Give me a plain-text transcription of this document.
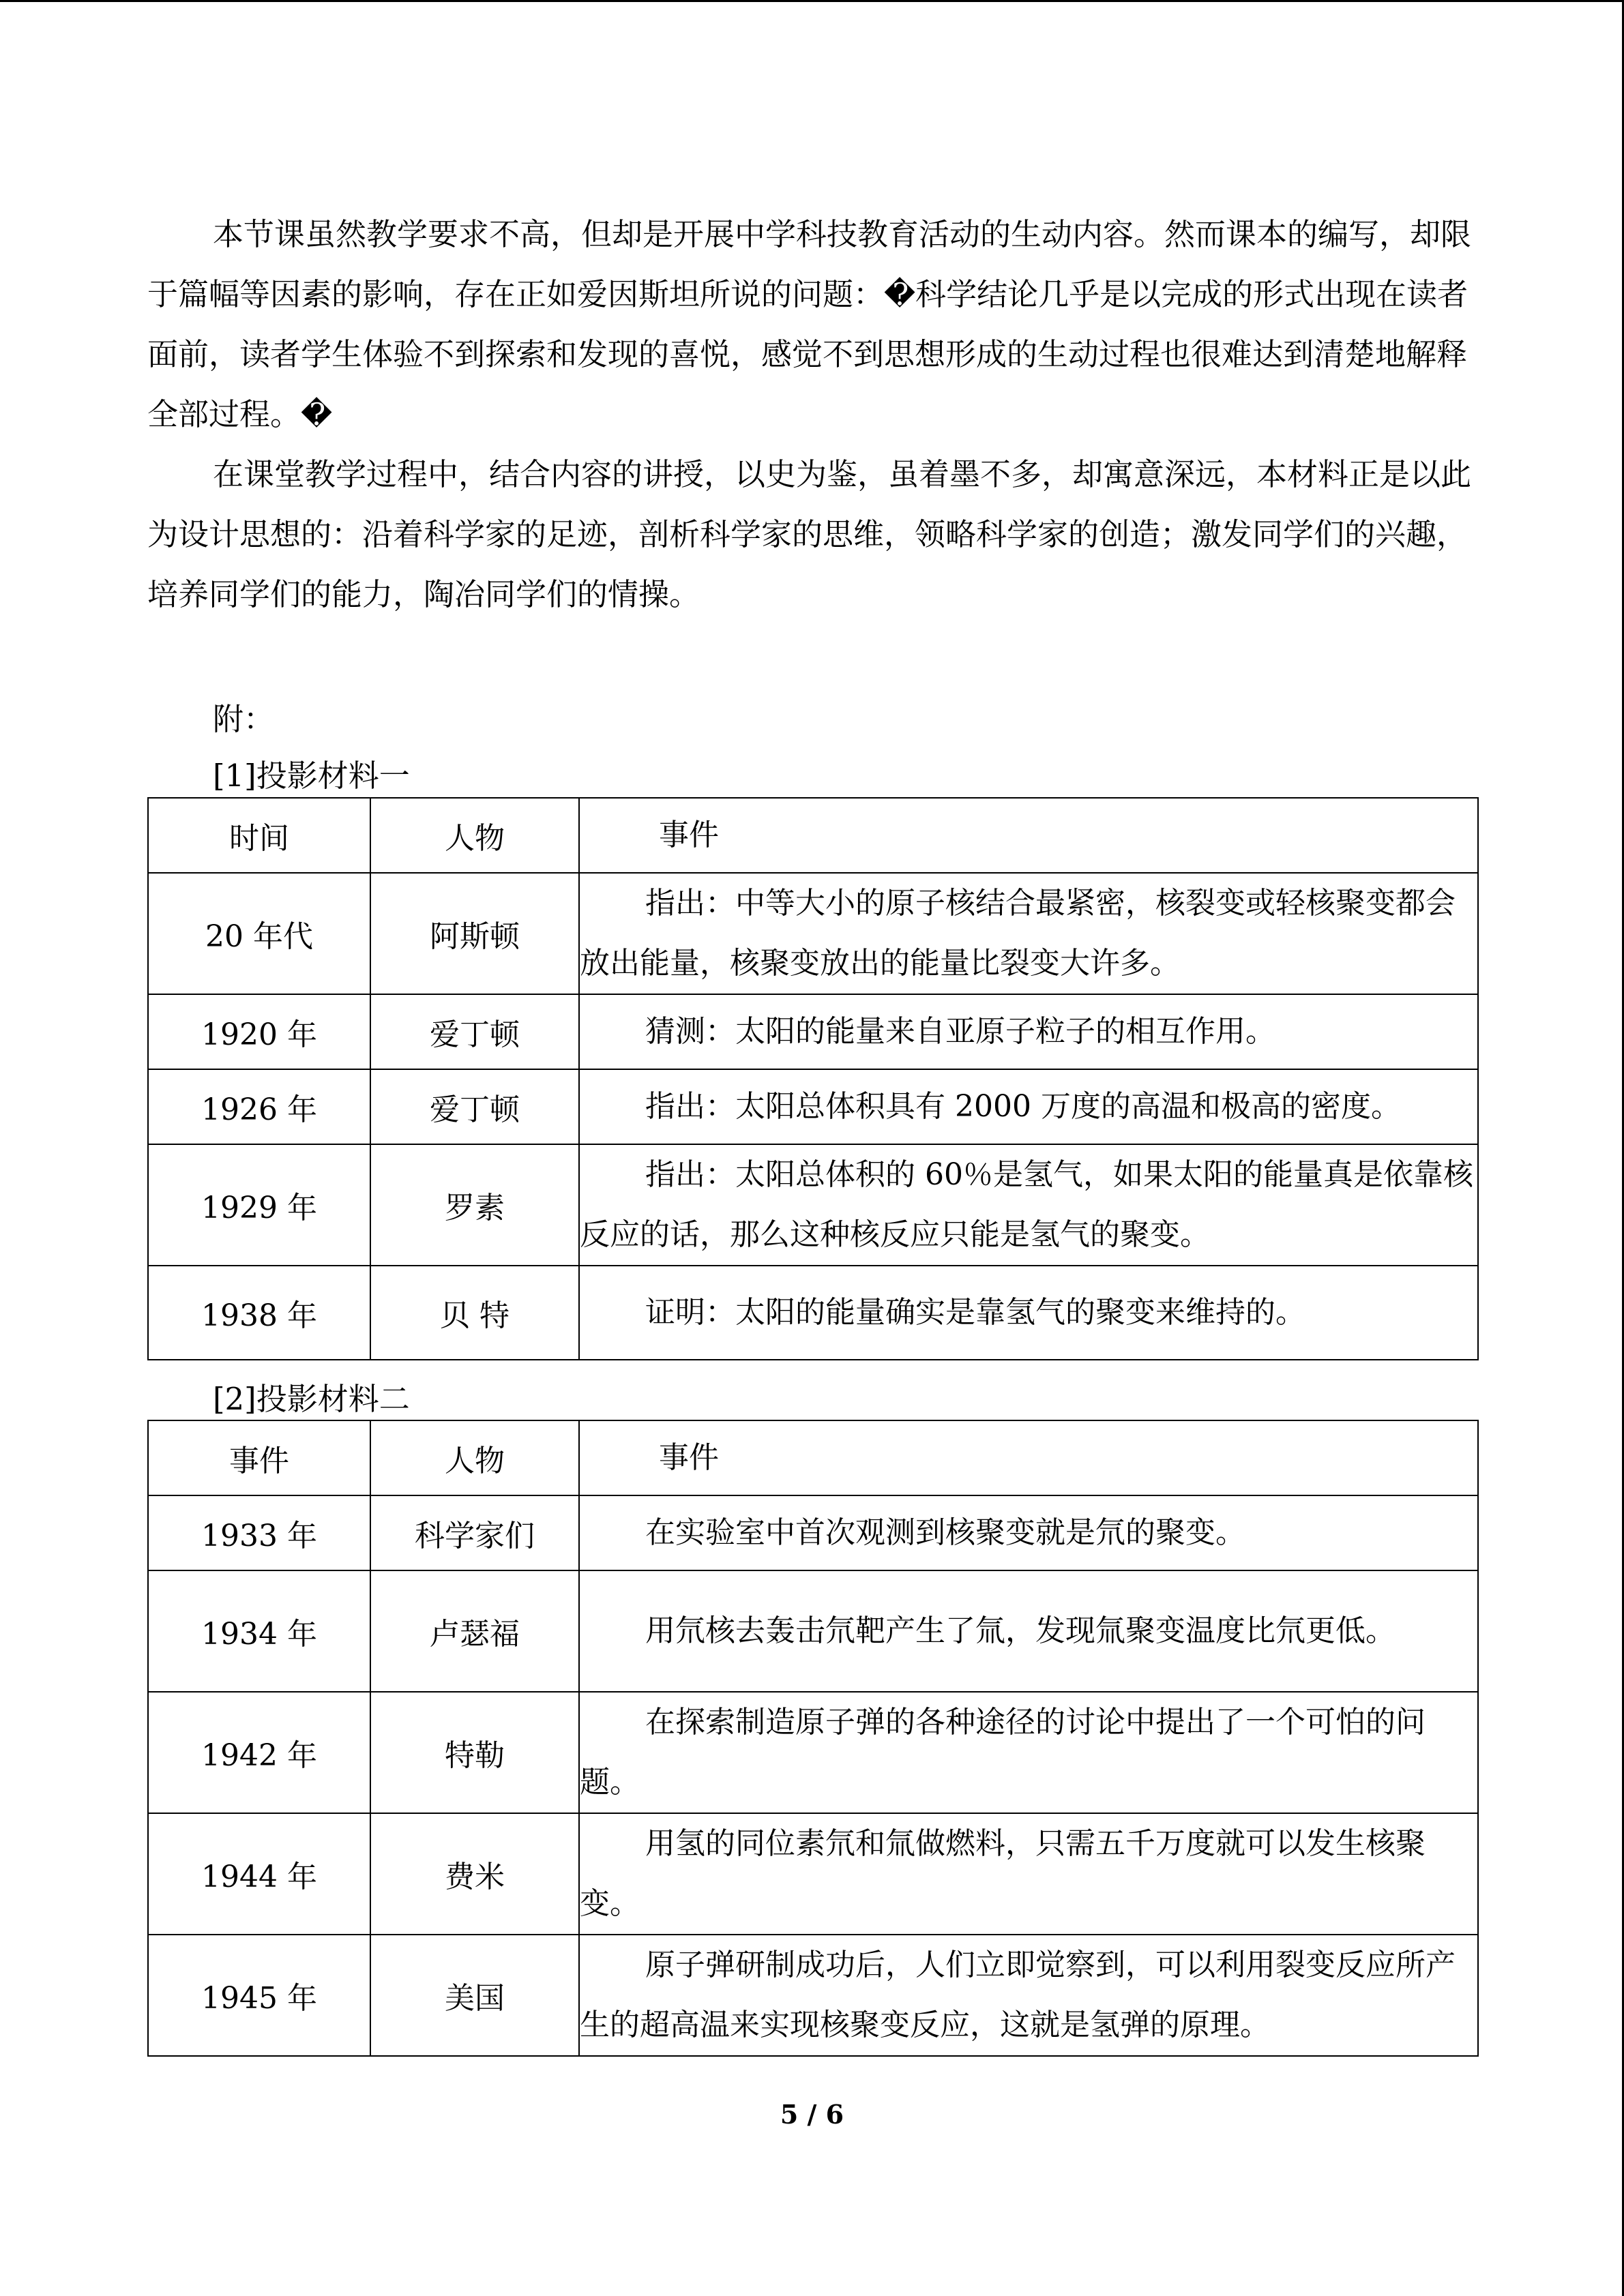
本节课虽然教学要求不高，但却是开展中学科技教育活动的生动内容。然而课本的编写，却限于篇幅等因素的影响，存在正如爱因斯坦所说的问题：�科学结论几乎是以完成的形式出现在读者面前，读者学生体验不到探索和发现的喜悦，感觉不到思想形成的生动过程也很难达到清楚地解释全部过程。�

在课堂教学过程中，结合内容的讲授，以史为鉴，虽着墨不多，却寓意深远，本材料正是以此为设计思想的：沿着科学家的足迹，剖析科学家的思维，领略科学家的创造；激发同学们的兴趣，培养同学们的能力，陶冶同学们的情操。

附：

[1]投影材料一

时间	人物	事件
20 年代	阿斯顿	指出：中等大小的原子核结合最紧密，核裂变或轻核聚变都会放出能量，核聚变放出的能量比裂变大许多。

1920 年	爱丁顿	猜测：太阳的能量来自亚原子粒子的相互作用。

1926 年	爱丁顿	指出：太阳总体积具有 2000 万度的高温和极高的密度。

1929 年	罗素	指出：太阳总体积的 60％是氢气，如果太阳的能量真是依靠核反应的话，那么这种核反应只能是氢气的聚变。

1938 年	贝 特	证明：太阳的能量确实是靠氢气的聚变来维持的。

[2]投影材料二

事件	人物	事件
1933 年	科学家们	在实验室中首次观测到核聚变就是氘的聚变。

1934 年	卢瑟福	用氘核去轰击氘靶产生了氚，发现氚聚变温度比氘更低。

1942 年	特勒	在探索制造原子弹的各种途径的讨论中提出了一个可怕的问题。

1944 年	费米	用氢的同位素氘和氚做燃料，只需五千万度就可以发生核聚变。

1945 年	美国	原子弹研制成功后，人们立即觉察到，可以利用裂变反应所产生的超高温来实现核聚变反应，这就是氢弹的原理。
5 / 6
